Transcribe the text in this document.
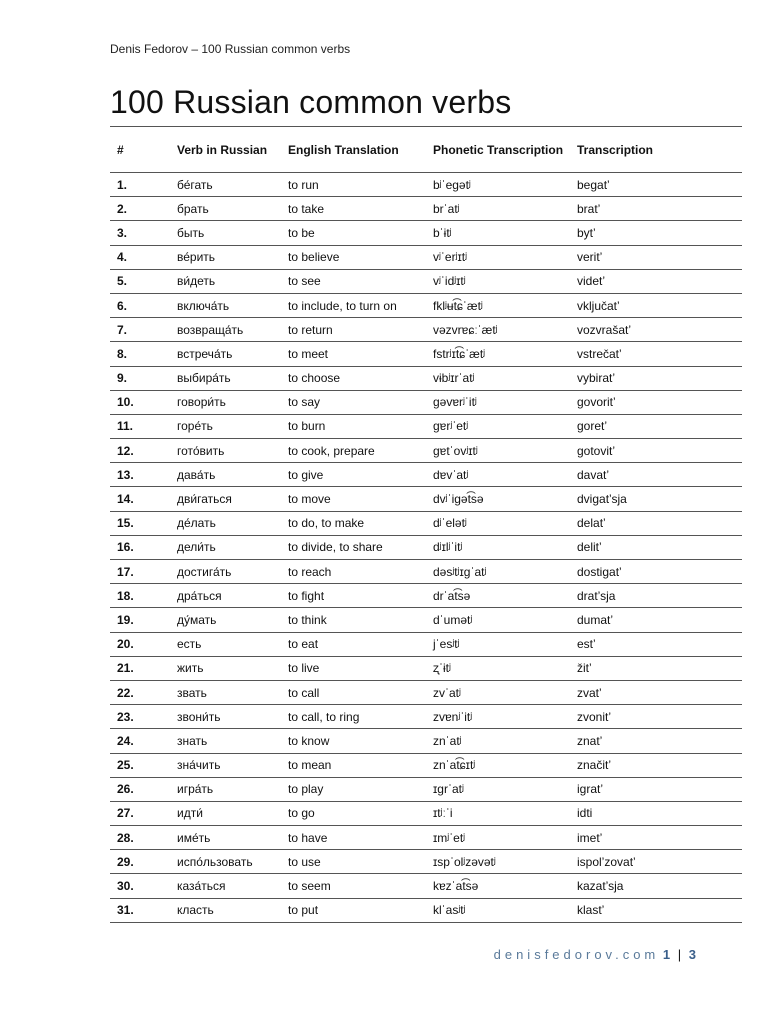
Denis Fedorov – 100 Russian common verbs
100 Russian common verbs
#	Verb in Russian	English Translation	Phonetic Transcription	Transcription
1.	бе́гать	to run	bʲˈegətʲ	begat’
2.	брать	to take	brˈatʲ	brat’
3.	быть	to be	bˈɨtʲ	byt’
4.	ве́рить	to believe	vʲˈerʲɪtʲ	verit’
5.	ви́деть	to see	vʲˈidʲɪtʲ	videt’
6.	включа́ть	to include, to turn on	fklʲʉt͡ɕˈætʲ	vključat’
7.	возвраща́ть	to return	vəzvrɐɕːˈætʲ	vozvrašat’
8.	встреча́ть	to meet	fstrʲɪt͡ɕˈætʲ	vstrečat’
9.	выбира́ть	to choose	vɨbʲɪrˈatʲ	vybirat’
10.	говори́ть	to say	gəvɐrʲˈitʲ	govorit’
11.	горе́ть	to burn	gɐrʲˈetʲ	goret’
12.	гото́вить	to cook, prepare	gɐtˈovʲɪtʲ	gotovit’
13.	дава́ть	to give	dɐvˈatʲ	davat’
14.	дви́гаться	to move	dvʲˈigət͡sə	dvigat’sja
15.	де́лать	to do, to make	dʲˈelətʲ	delat’
16.	дели́ть	to divide, to share	dʲɪlʲˈitʲ	delit’
17.	достига́ть	to reach	dəsʲtʲɪgˈatʲ	dostigat’
18.	дра́ться	to fight	drˈat͡sə	drat’sja
19.	ду́мать	to think	dˈumətʲ	dumat’
20.	есть	to eat	jˈesʲtʲ	est’
21.	жить	to live	ʐˈɨtʲ	žit’
22.	звать	to call	zvˈatʲ	zvat’
23.	звони́ть	to call, to ring	zvɐnʲˈitʲ	zvonit’
24.	знать	to know	znˈatʲ	znat’
25.	зна́чить	to mean	znˈat͡ɕɪtʲ	značit’
26.	игра́ть	to play	ɪgrˈatʲ	igrat’
27.	идти́	to go	ɪtʲːˈi	idti
28.	име́ть	to have	ɪmʲˈetʲ	imet’
29.	испо́льзовать	to use	ɪspˈolʲzəvətʲ	ispol’zovat’
30.	каза́ться	to seem	kɐzˈat͡sə	kazat’sja
31.	класть	to put	klˈasʲtʲ	klast’
denisfedorov.com 1 | 3
